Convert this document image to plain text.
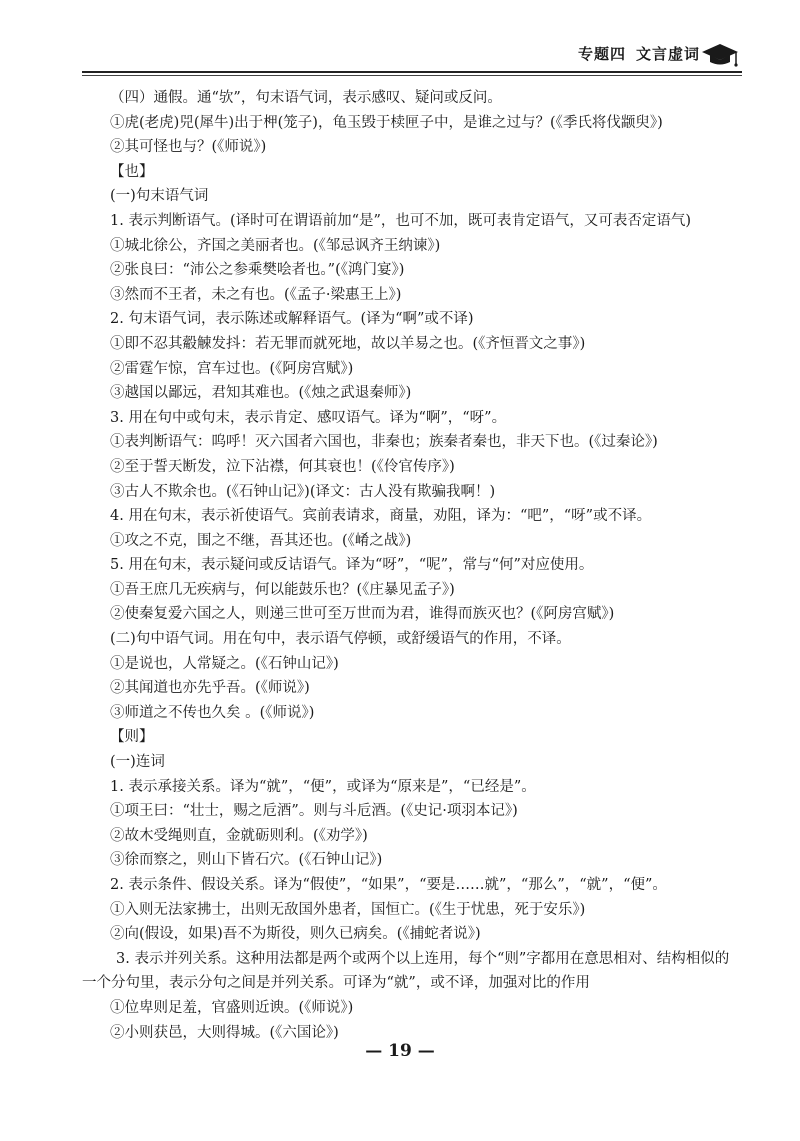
专题四 文言虚词
（四）通假。通“欤”，句末语气词，表示感叹、疑问或反问。
①虎(老虎)兕(犀牛)出于柙(笼子)，龟玉毁于椟匣子中，是谁之过与？(《季氏将伐颛臾》)
②其可怪也与？(《师说》)
【也】
(一)句末语气词
1. 表示判断语气。(译时可在谓语前加“是”，也可不加，既可表肯定语气，又可表否定语气)
①城北徐公，齐国之美丽者也。(《邹忌讽齐王纳谏》)
②张良曰：“沛公之参乘樊哙者也。”(《鸿门宴》)
③然而不王者，未之有也。(《孟子·梁惠王上》)
2. 句末语气词，表示陈述或解释语气。(译为“啊”或不译)
①即不忍其觳觫发抖：若无罪而就死地，故以羊易之也。(《齐恒晋文之事》)
②雷霆乍惊，宫车过也。(《阿房宫赋》)
③越国以鄙远，君知其难也。(《烛之武退秦师》)
3. 用在句中或句末，表示肯定、感叹语气。译为“啊”，“呀”。
①表判断语气：呜呼！灭六国者六国也，非秦也；族秦者秦也，非天下也。(《过秦论》)
②至于誓天断发，泣下沾襟，何其衰也！(《伶官传序》)
③古人不欺余也。(《石钟山记》)(译文：古人没有欺骗我啊！)
4. 用在句末，表示祈使语气。宾前表请求，商量，劝阻，译为：“吧”，“呀”或不译。
①攻之不克，围之不继，吾其还也。(《崤之战》)
5. 用在句末，表示疑问或反诘语气。译为“呀”，“呢”，常与“何”对应使用。
①吾王庶几无疾病与，何以能鼓乐也？(《庄暴见孟子》)
②使秦复爱六国之人，则递三世可至万世而为君，谁得而族灭也？(《阿房宫赋》)
(二)句中语气词。用在句中，表示语气停顿，或舒缓语气的作用，不译。
①是说也，人常疑之。(《石钟山记》)
②其闻道也亦先乎吾。(《师说》)
③师道之不传也久矣 。(《师说》)
【则】
(一)连词
1. 表示承接关系。译为“就”，“便”，或译为“原来是”，“已经是”。
①项王曰：“壮士，赐之卮酒”。则与斗卮酒。(《史记·项羽本记》)
②故木受绳则直，金就砺则利。(《劝学》)
③徐而察之，则山下皆石穴。(《石钟山记》)
2. 表示条件、假设关系。译为“假使”，“如果”，“要是……就”，“那么”，“就”，“便”。
①入则无法家拂士，出则无敌国外患者，国恒亡。(《生于忧患，死于安乐》)
②向(假设，如果)吾不为斯役，则久已病矣。(《捕蛇者说》)
3. 表示并列关系。这种用法都是两个或两个以上连用，每个“则”字都用在意思相对、结构相似的
一个分句里，表示分句之间是并列关系。可译为“就”，或不译，加强对比的作用
①位卑则足羞，官盛则近谀。(《师说》)
②小则获邑，大则得城。(《六国论》)
— 19 —
